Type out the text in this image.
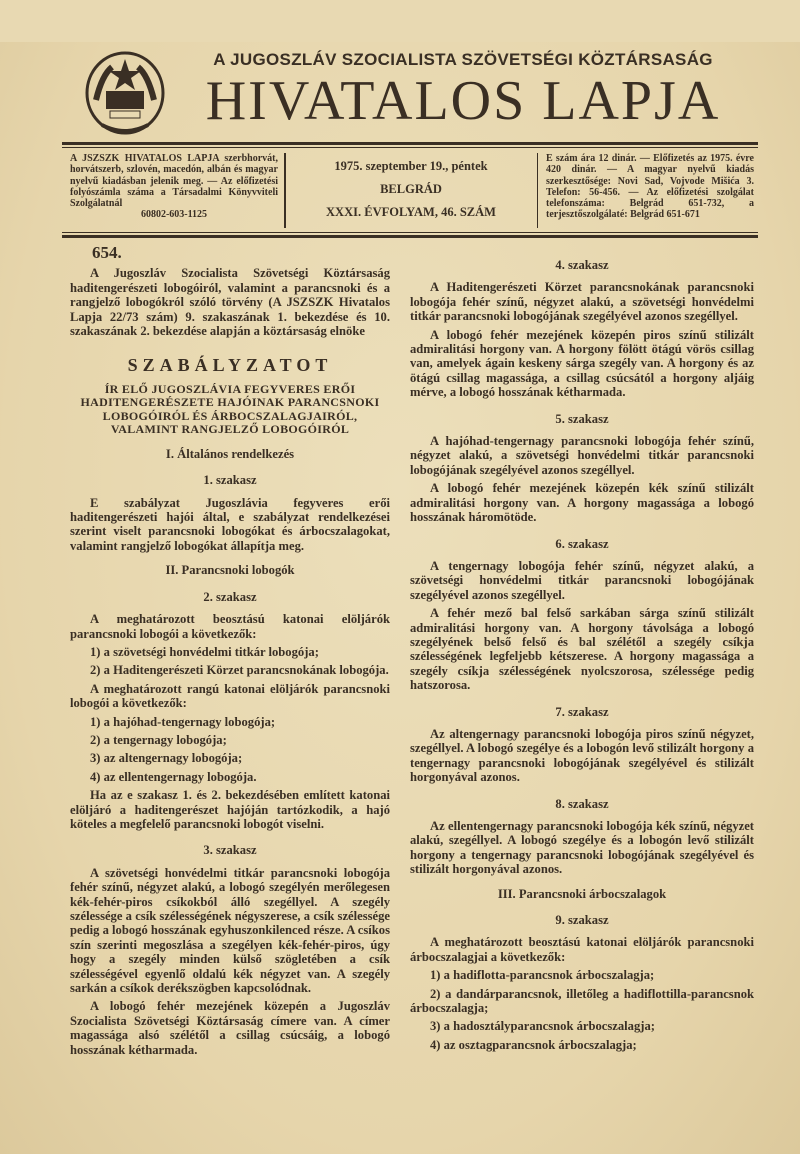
A JUGOSZLÁV SZOCIALISTA SZÖVETSÉGI KÖZTÁRSASÁG
HIVATALOS LAPJA
A JSZSZK HIVATALOS LAPJA szerbhorvát, horvátszerb, szlovén, macedón, albán és magyar nyelvű kiadásban jelenik meg. — Az előfizetési folyószámla száma a Társadalmi Könyvviteli Szolgálatnál
60802-603-1125
1975. szeptember 19., péntek
BELGRÁD
XXXI. ÉVFOLYAM, 46. SZÁM
E szám ára 12 dinár. — Előfizetés az 1975. évre 420 dinár. — A magyar nyelvű kiadás szerkesztősége: Novi Sad, Vojvode Mišića 3. Telefon: 56-456. — Az előfizetési szolgálat telefonszáma: Belgrád 651-732, a terjesztőszolgálaté: Belgrád 651-671
654.
A Jugoszláv Szocialista Szövetségi Köztársaság haditengerészeti lobogóiról, valamint a parancsnoki és a rangjelző lobogókról szóló törvény (A JSZSZK Hivatalos Lapja 22/73 szám) 9. szakaszának 1. bekezdése és 10. szakaszának 2. bekezdése alapján a köztársaság elnöke
SZABÁLYZATOT
ÍR ELŐ JUGOSZLÁVIA FEGYVERES ERŐI HADITENGERÉSZETE HAJÓINAK PARANCSNOKI LOBOGÓIRÓL ÉS ÁRBOCSZALAGJAIRÓL, VALAMINT RANGJELZŐ LOBOGÓIRÓL
I. Általános rendelkezés
1. szakasz
E szabályzat Jugoszlávia fegyveres erői haditengerészeti hajói által, e szabályzat rendelkezései szerint viselt parancsnoki lobogókat és árbocszalagokat, valamint rangjelző lobogókat állapítja meg.
II. Parancsnoki lobogók
2. szakasz
A meghatározott beosztású katonai elöljárók parancsnoki lobogói a következők:
1) a szövetségi honvédelmi titkár lobogója;
2) a Haditengerészeti Körzet parancsnokának lobogója.
A meghatározott rangú katonai elöljárók parancsnoki lobogói a következők:
1) a hajóhad-tengernagy lobogója;
2) a tengernagy lobogója;
3) az altengernagy lobogója;
4) az ellentengernagy lobogója.
Ha az e szakasz 1. és 2. bekezdésében említett katonai elöljáró a haditengerészet hajóján tartózkodik, a hajó köteles a megfelelő parancsnoki lobogót viselni.
3. szakasz
A szövetségi honvédelmi titkár parancsnoki lobogója fehér színű, négyzet alakú, a lobogó szegélyén merőlegesen kék-fehér-piros csíkokból álló szegéllyel. A szegély szélessége a csík szélességének négyszerese, a csík szélessége pedig a lobogó hosszának egyhuszonkilenced része. A csíkos szín szerinti megoszlása a szegélyen kék-fehér-piros, úgy hogy a szegély minden külső szögletében a csík szélességével egyenlő oldalú kék négyzet van. A szegély sarkán a csíkok derékszögben kapcsolódnak.
A lobogó fehér mezejének közepén a Jugoszláv Szocialista Szövetségi Köztársaság címere van. A címer magassága alsó szélétől a csillag csúcsáig, a lobogó hosszának kétharmada.
4. szakasz
A Haditengerészeti Körzet parancsnokának parancsnoki lobogója fehér színű, négyzet alakú, a szövetségi honvédelmi titkár parancsnoki lobogójának szegélyével azonos szegéllyel.
A lobogó fehér mezejének közepén piros színű stilizált admiralitási horgony van. A horgony fölött ötágú vörös csillag van, amelyek ágain keskeny sárga szegély van. A horgony és az ötágú csillag magassága, a csillag csúcsától a horgony aljáig mérve, a lobogó hosszának kétharmada.
5. szakasz
A hajóhad-tengernagy parancsnoki lobogója fehér színű, négyzet alakú, a szövetségi honvédelmi titkár parancsnoki lobogójának szegélyével azonos szegéllyel.
A lobogó fehér mezejének közepén kék színű stilizált admiralitási horgony van. A horgony magassága a lobogó hosszának háromötöde.
6. szakasz
A tengernagy lobogója fehér színű, négyzet alakú, a szövetségi honvédelmi titkár parancsnoki lobogójának szegélyével azonos szegéllyel.
A fehér mező bal felső sarkában sárga színű stilizált admiralitási horgony van. A horgony távolsága a lobogó szegélyének belső felső és bal szélétől a szegély csíkja szélességének legfeljebb kétszerese. A horgony magassága a szegély csíkja szélességének nyolcszorosa, szélessége pedig hatszorosa.
7. szakasz
Az altengernagy parancsnoki lobogója piros színű négyzet, szegéllyel. A lobogó szegélye és a lobogón levő stilizált horgony a tengernagy parancsnoki lobogójának szegélyével és stilizált horgonyával azonos.
8. szakasz
Az ellentengernagy parancsnoki lobogója kék színű, négyzet alakú, szegéllyel. A lobogó szegélye és a lobogón levő stilizált horgony a tengernagy parancsnoki lobogójának szegélyével és stilizált horgonyával azonos.
III. Parancsnoki árbocszalagok
9. szakasz
A meghatározott beosztású katonai elöljárók parancsnoki árbocszalagjai a következők:
1) a hadiflotta-parancsnok árbocszalagja;
2) a dandárparancsnok, illetőleg a hadiflottilla-parancsnok árbocszalagja;
3) a hadosztályparancsnok árbocszalagja;
4) az osztagparancsnok árbocszalagja;
